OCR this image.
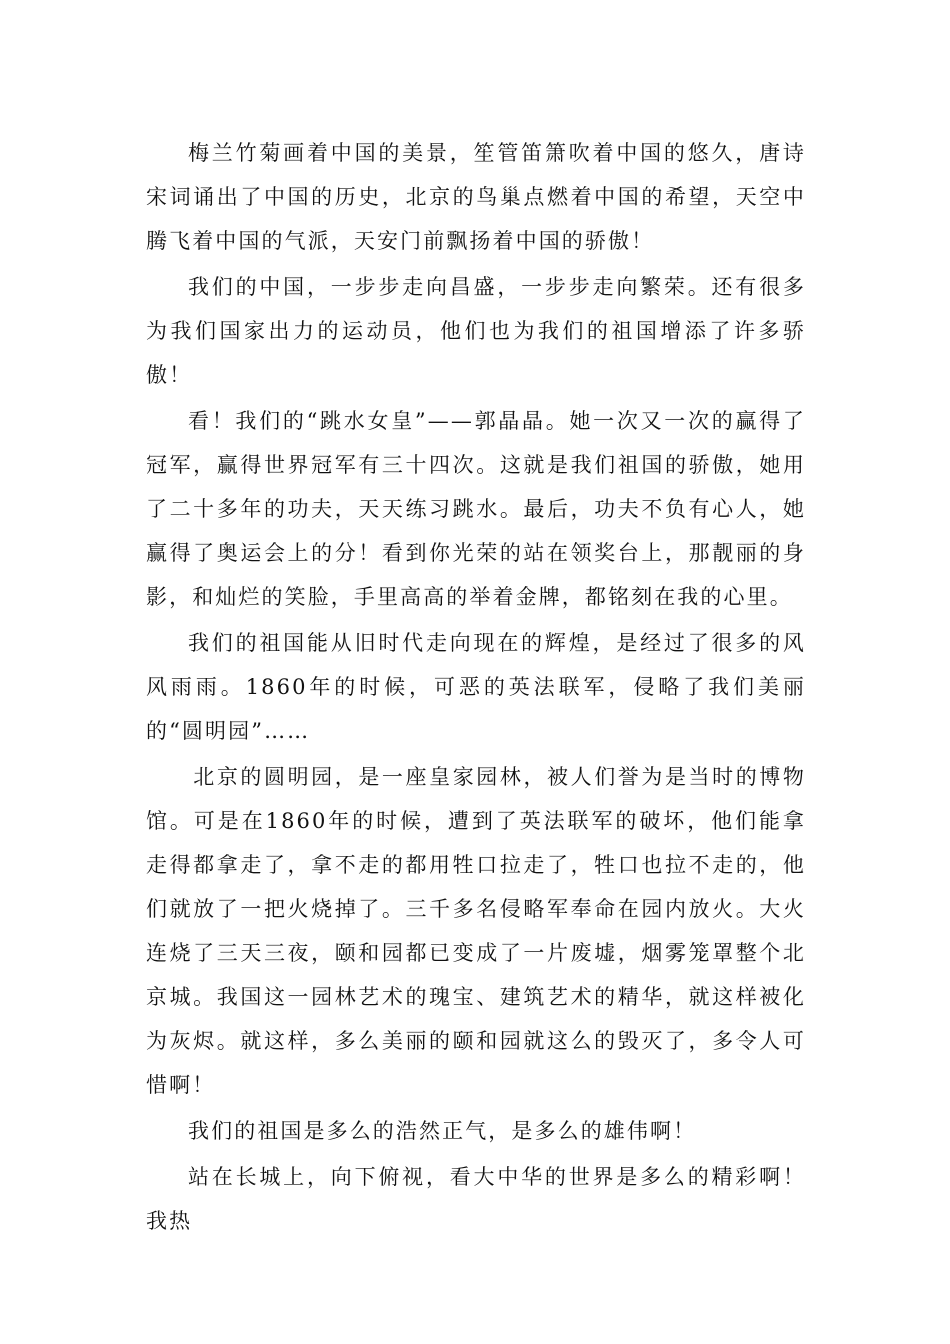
梅兰竹菊画着中国的美景，笙管笛箫吹着中国的悠久，唐诗宋词诵出了中国的历史，北京的鸟巢点燃着中国的希望，天空中腾飞着中国的气派，天安门前飘扬着中国的骄傲！

我们的中国，一步步走向昌盛，一步步走向繁荣。还有很多为我们国家出力的运动员，他们也为我们的祖国增添了许多骄傲！

看！我们的“跳水女皇”——郭晶晶。她一次又一次的赢得了冠军，赢得世界冠军有三十四次。这就是我们祖国的骄傲，她用了二十多年的功夫，天天练习跳水。最后，功夫不负有心人，她赢得了奥运会上的分！看到你光荣的站在领奖台上，那靓丽的身影，和灿烂的笑脸，手里高高的举着金牌，都铭刻在我的心里。

我们的祖国能从旧时代走向现在的辉煌，是经过了很多的风风雨雨。1860年的时候，可恶的英法联军，侵略了我们美丽的“圆明园”……

北京的圆明园，是一座皇家园林，被人们誉为是当时的博物馆。可是在1860年的时候，遭到了英法联军的破坏，他们能拿走得都拿走了，拿不走的都用牲口拉走了，牲口也拉不走的，他们就放了一把火烧掉了。三千多名侵略军奉命在园内放火。大火连烧了三天三夜，颐和园都已变成了一片废墟，烟雾笼罩整个北京城。我国这一园林艺术的瑰宝、建筑艺术的精华，就这样被化为灰烬。就这样，多么美丽的颐和园就这么的毁灭了，多令人可惜啊！

我们的祖国是多么的浩然正气，是多么的雄伟啊！

站在长城上，向下俯视，看大中华的世界是多么的精彩啊！我热
